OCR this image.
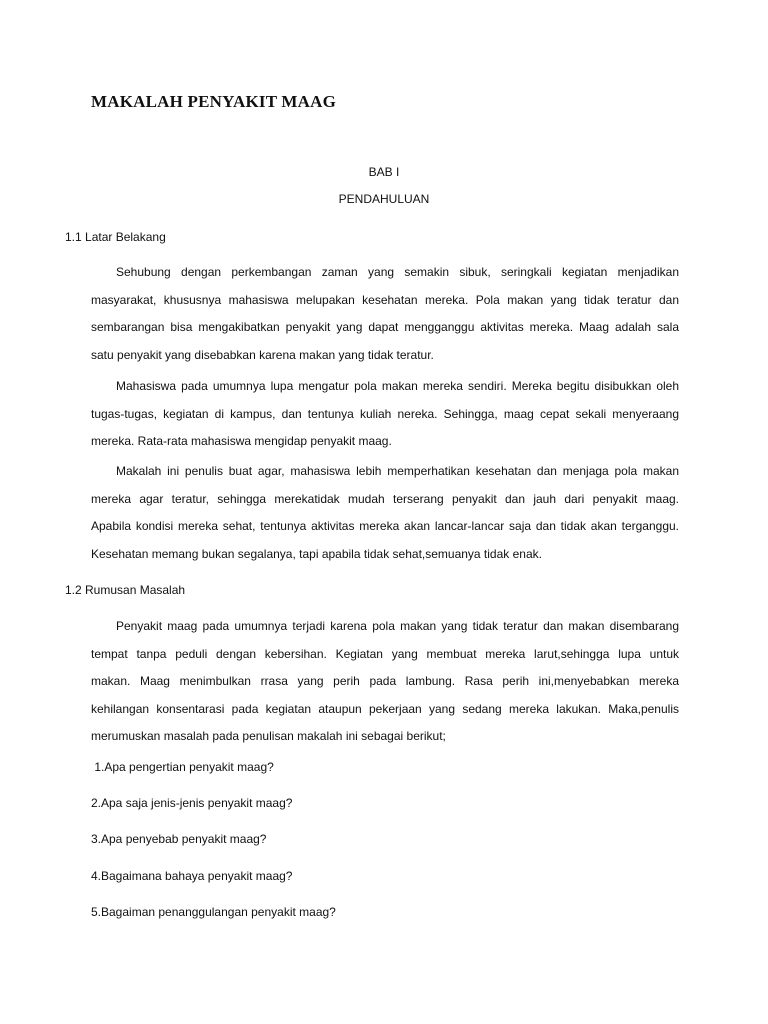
MAKALAH PENYAKIT MAAG
BAB I
PENDAHULUAN
1.1 Latar Belakang
Sehubung dengan perkembangan zaman yang semakin sibuk, seringkali kegiatan menjadikan
masyarakat, khususnya mahasiswa melupakan kesehatan mereka. Pola makan yang tidak teratur dan
sembarangan bisa mengakibatkan penyakit yang dapat mengganggu aktivitas mereka. Maag adalah sala
satu penyakit yang disebabkan karena makan yang tidak teratur.
Mahasiswa pada umumnya lupa mengatur pola makan mereka sendiri. Mereka begitu disibukkan oleh
tugas-tugas, kegiatan di kampus, dan tentunya kuliah nereka. Sehingga, maag cepat sekali menyeraang
mereka. Rata-rata mahasiswa mengidap penyakit maag.
Makalah ini penulis buat agar, mahasiswa lebih memperhatikan kesehatan dan menjaga pola makan
mereka agar teratur, sehingga merekatidak mudah terserang penyakit dan jauh dari penyakit maag.
Apabila kondisi mereka sehat, tentunya aktivitas mereka akan lancar-lancar saja dan tidak akan terganggu.
Kesehatan memang bukan segalanya, tapi apabila tidak sehat,semuanya tidak enak.
1.2 Rumusan Masalah
Penyakit maag pada umumnya terjadi karena pola makan yang tidak teratur dan makan disembarang
tempat tanpa peduli dengan kebersihan. Kegiatan yang membuat mereka larut,sehingga lupa untuk
makan. Maag menimbulkan rrasa yang perih pada lambung. Rasa perih ini,menyebabkan mereka
kehilangan konsentarasi pada kegiatan ataupun pekerjaan yang sedang mereka lakukan. Maka,penulis
merumuskan masalah pada penulisan makalah ini sebagai berikut;

1.Apa pengertian penyakit maag?

2.Apa saja jenis-jenis penyakit maag?

3.Apa penyebab penyakit maag?

4.Bagaimana bahaya penyakit maag?

5.Bagaiman penanggulangan penyakit maag?
